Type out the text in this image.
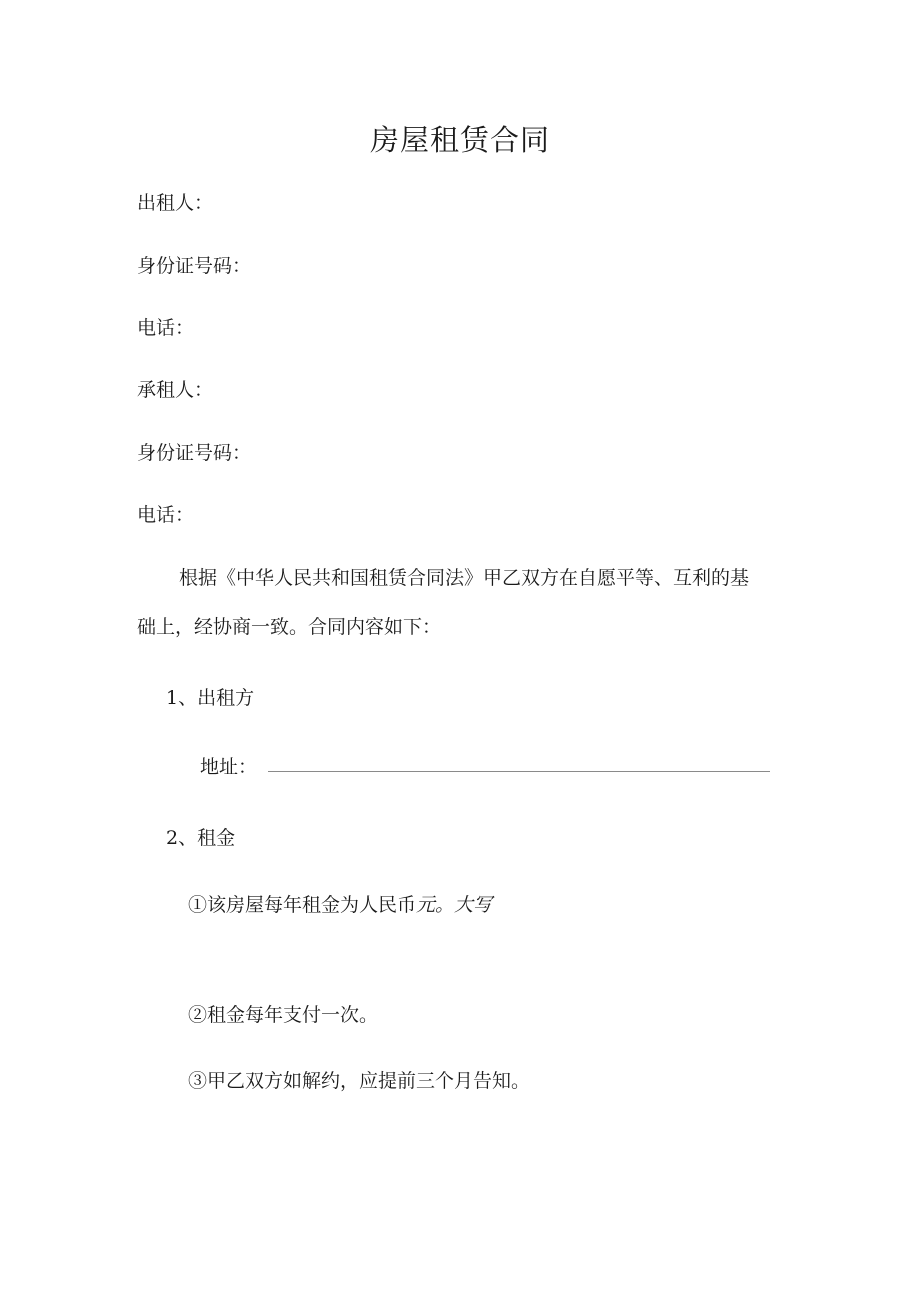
房屋租赁合同
出租人：
身份证号码：
电话：
承租人：
身份证号码：
电话：
根据《中华人民共和国租赁合同法》甲乙双方在自愿平等、互利的基
础上，经协商一致。合同内容如下：
1、出租方
地址：
2、租金
①该房屋每年租金为人民币元。大写
②租金每年支付一次。
③甲乙双方如解约，应提前三个月告知。
